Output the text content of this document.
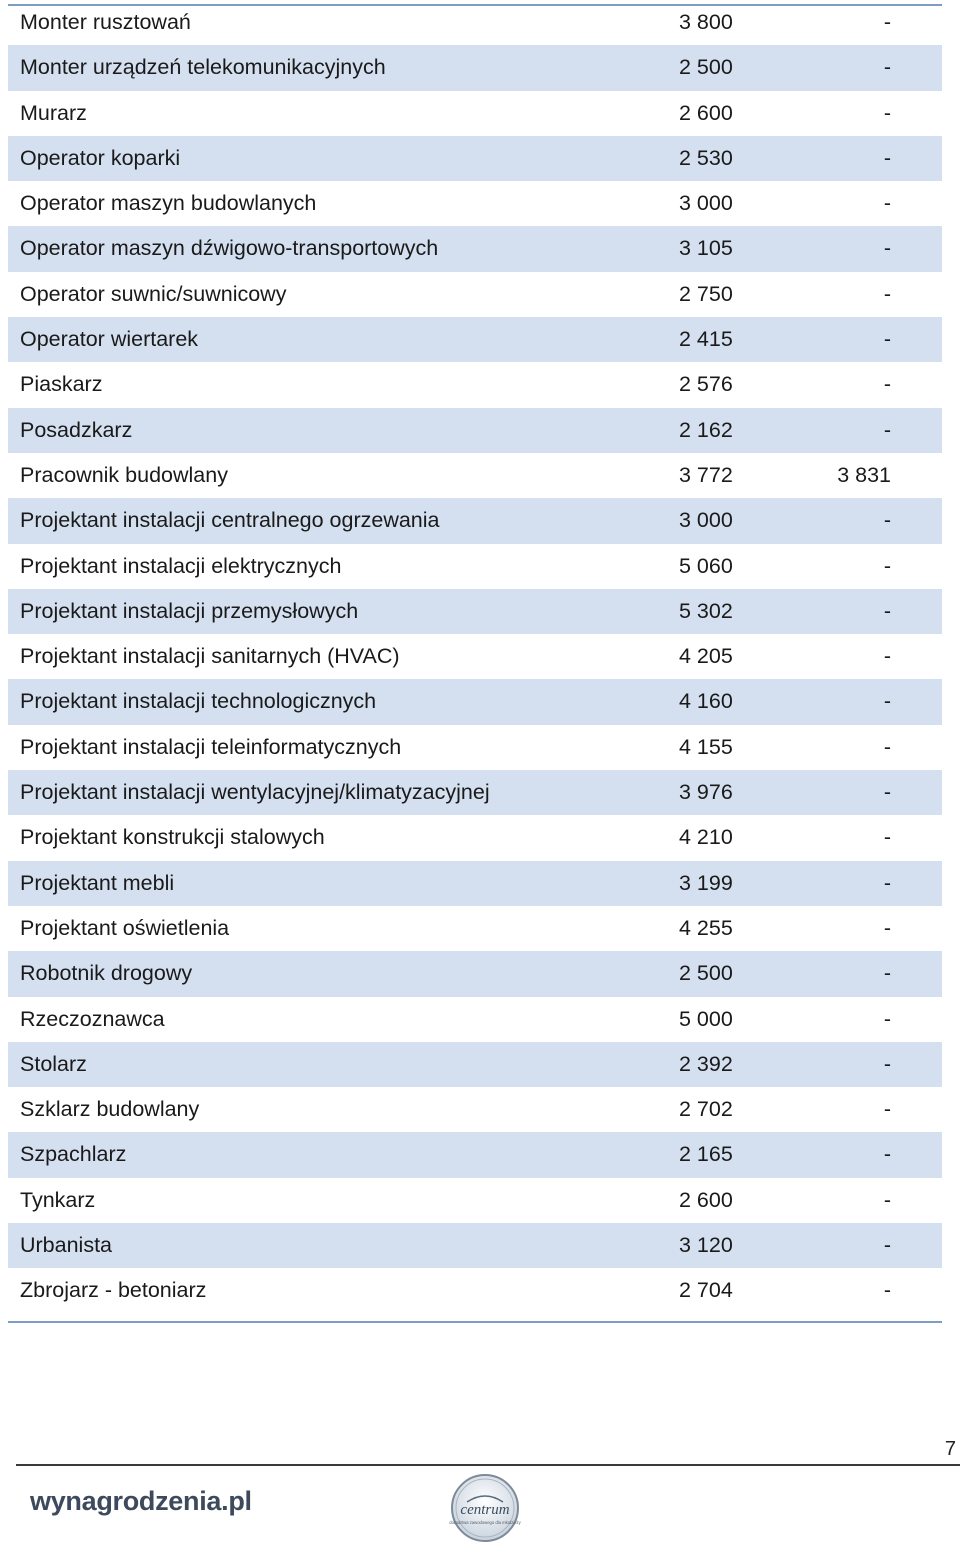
Monter rusztowań	3 800	-
Monter urządzeń telekomunikacyjnych	2 500	-
Murarz	2 600	-
Operator koparki	2 530	-
Operator maszyn budowlanych	3 000	-
Operator maszyn dźwigowo-transportowych	3 105	-
Operator suwnic/suwnicowy	2 750	-
Operator wiertarek	2 415	-
Piaskarz	2 576	-
Posadzkarz	2 162	-
Pracownik budowlany	3 772	3 831
Projektant instalacji centralnego ogrzewania	3 000	-
Projektant instalacji elektrycznych	5 060	-
Projektant instalacji przemysłowych	5 302	-
Projektant instalacji sanitarnych (HVAC)	4 205	-
Projektant instalacji technologicznych	4 160	-
Projektant instalacji teleinformatycznych	4 155	-
Projektant instalacji wentylacyjnej/klimatyzacyjnej	3 976	-
Projektant konstrukcji stalowych	4 210	-
Projektant mebli	3 199	-
Projektant oświetlenia	4 255	-
Robotnik drogowy	2 500	-
Rzeczoznawca	5 000	-
Stolarz	2 392	-
Szklarz budowlany	2 702	-
Szpachlarz	2 165	-
Tynkarz	2 600	-
Urbanista	3 120	-
Zbrojarz - betoniarz	2 704	-
7
wynagrodzenia.pl	centrum
doradztwa zawodowego dla młodzieży
